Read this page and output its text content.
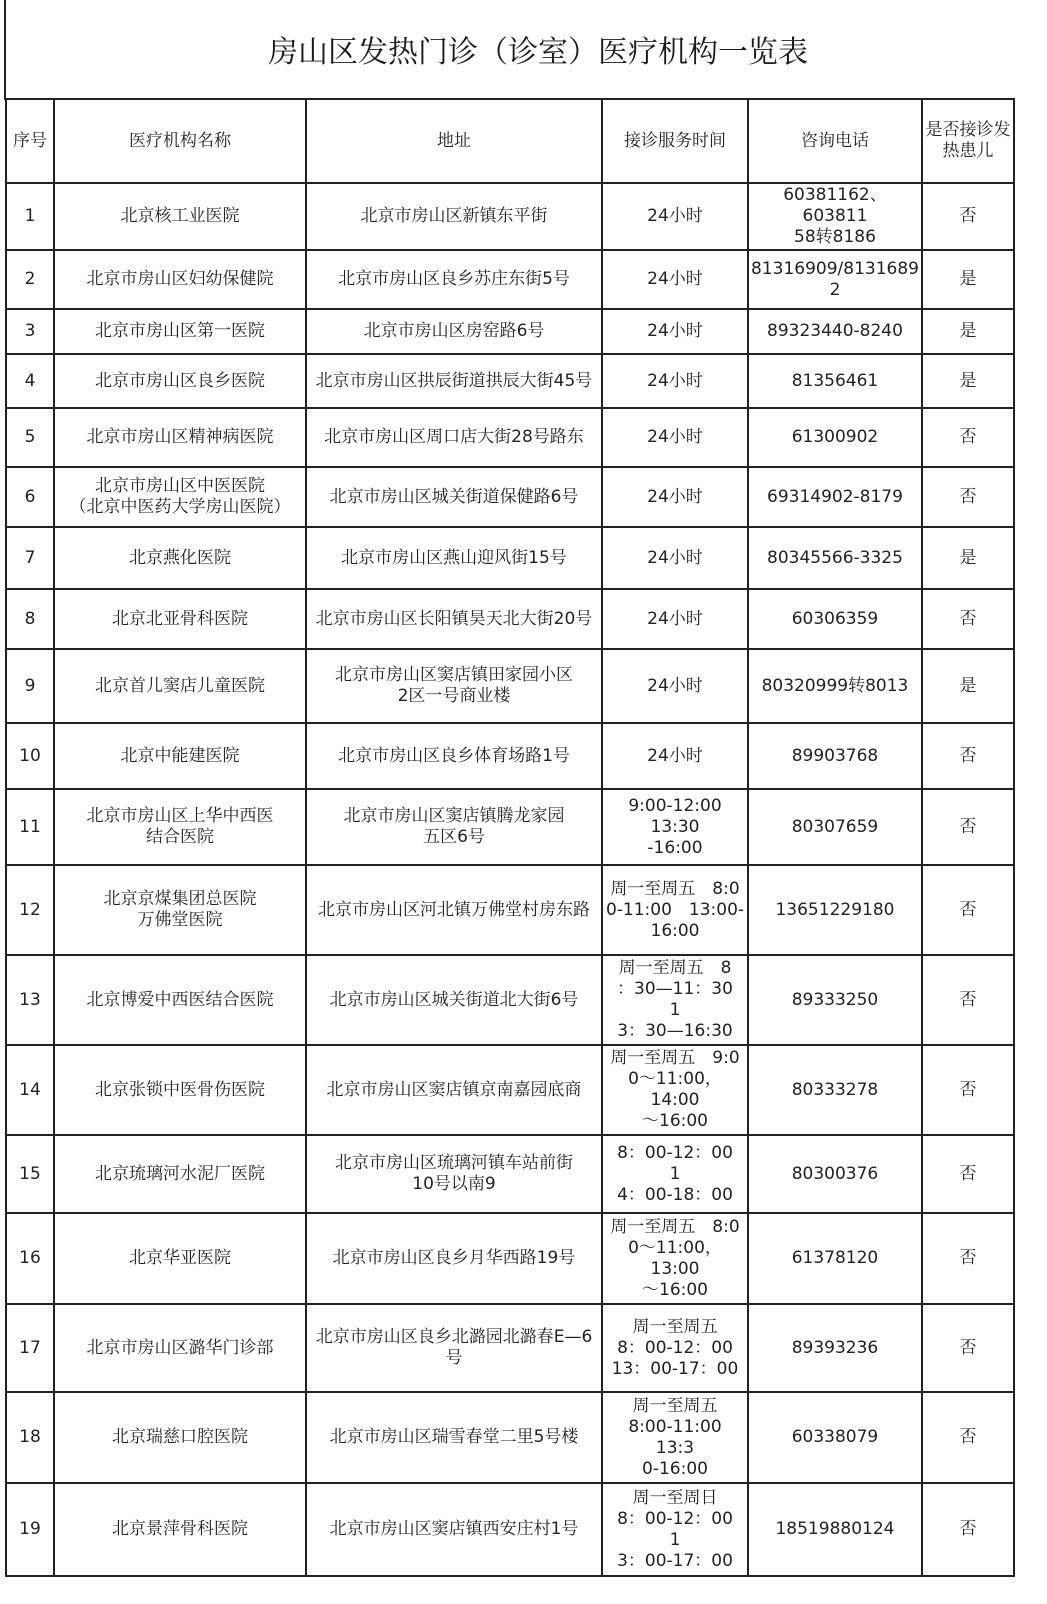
房山区发热门诊（诊室）医疗机构一览表
序号	医疗机构名称	地址	接诊服务时间	咨询电话	是否接诊发
热患儿
1	北京核工业医院	北京市房山区新镇东平街	24小时	60381162、603811
58转8186	否
2	北京市房山区妇幼保健院	北京市房山区良乡苏庄东街5号	24小时	81316909/8131689
2	是
3	北京市房山区第一医院	北京市房山区房窑路6号	24小时	89323440-8240	是
4	北京市房山区良乡医院	北京市房山区拱辰街道拱辰大街45号	24小时	81356461	是
5	北京市房山区精神病医院	北京市房山区周口店大街28号路东	24小时	61300902	否
6	北京市房山区中医医院
（北京中医药大学房山医院）	北京市房山区城关街道保健路6号	24小时	69314902-8179	否
7	北京燕化医院	北京市房山区燕山迎风街15号	24小时	80345566-3325	是
8	北京北亚骨科医院	北京市房山区长阳镇昊天北大街20号	24小时	60306359	否
9	北京首儿窦店儿童医院	北京市房山区窦店镇田家园小区
2区一号商业楼	24小时	80320999转8013	是
10	北京中能建医院	北京市房山区良乡体育场路1号	24小时	89903768	否
11	北京市房山区上华中西医
结合医院	北京市房山区窦店镇腾龙家园
五区6号	9:00-12:00 13:30
-16:00	80307659	否
12	北京京煤集团总医院
万佛堂医院	北京市房山区河北镇万佛堂村房东路	周一至周五　8:0
0-11:00　13:00-
16:00	13651229180	否
13	北京博爱中西医结合医院	北京市房山区城关街道北大街6号	周一至周五　8
：30—11：30　1
3：30—16:30	89333250	否
14	北京张锁中医骨伤医院	北京市房山区窦店镇京南嘉园底商	周一至周五　9:0
0～11:00，14:00
～16:00	80333278	否
15	北京琉璃河水泥厂医院	北京市房山区琉璃河镇车站前街
10号以南9	8：00-12：00　1
4：00-18：00	80300376	否
16	北京华亚医院	北京市房山区良乡月华西路19号	周一至周五　8:0
0～11:00，13:00
～16:00	61378120	否
17	北京市房山区潞华门诊部	北京市房山区良乡北潞园北潞春E—6号	周一至周五
8：00-12：00
13：00-17：00	89393236	否
18	北京瑞慈口腔医院	北京市房山区瑞雪春堂二里5号楼	周一至周五
8:00-11:00　13:3
0-16:00	60338079	否
19	北京景萍骨科医院	北京市房山区窦店镇西安庄村1号	周一至周日
8：00-12：00　1
3：00-17：00	18519880124	否
